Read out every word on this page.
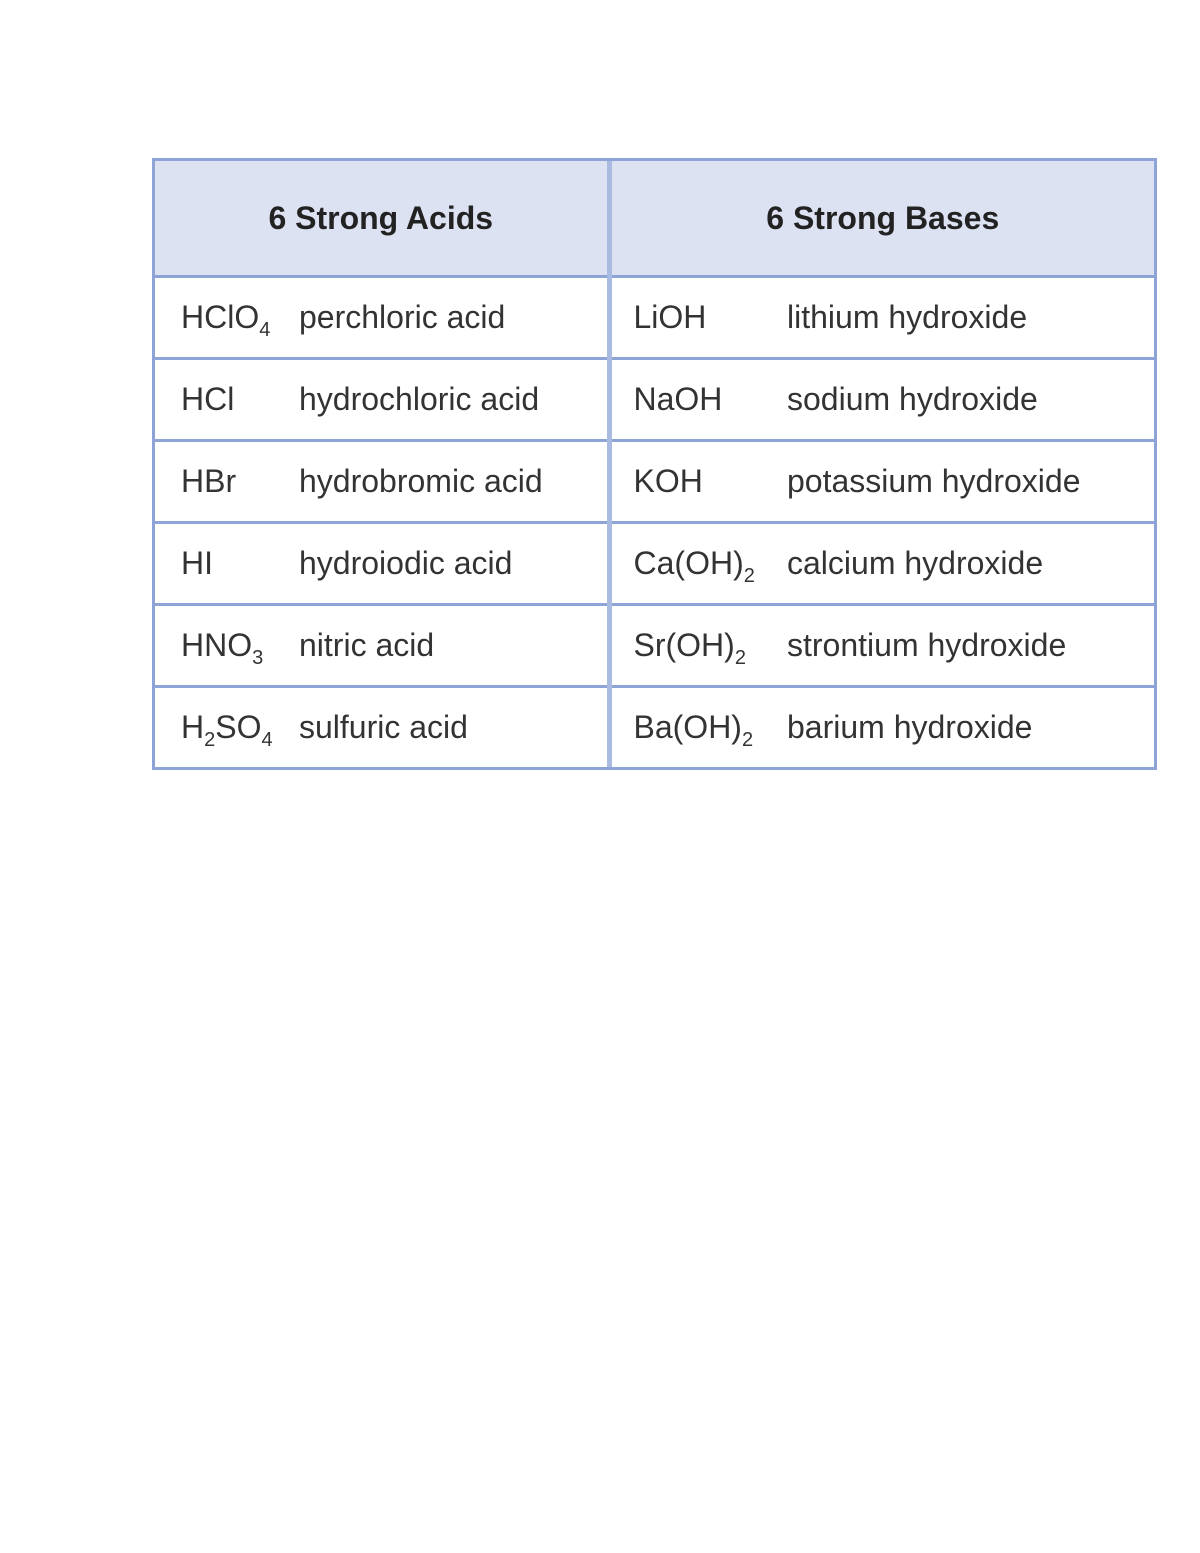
6 Strong Acids		6 Strong Bases	
HClO$_4$	perchloric acid	LiOH	lithium hydroxide
HCl	hydrochloric acid	NaOH	sodium hydroxide
HBr	hydrobromic acid	KOH	potassium hydroxide
HI	hydroiodic acid	$Ca(OH)_2$	calcium hydroxide
$HNO_3$	nitric acid	$Sr(OH)_2$	strontium hydroxide
$H_2SO_4$	sulfuric acid	$Ba(OH)_2$	barium hydroxide
